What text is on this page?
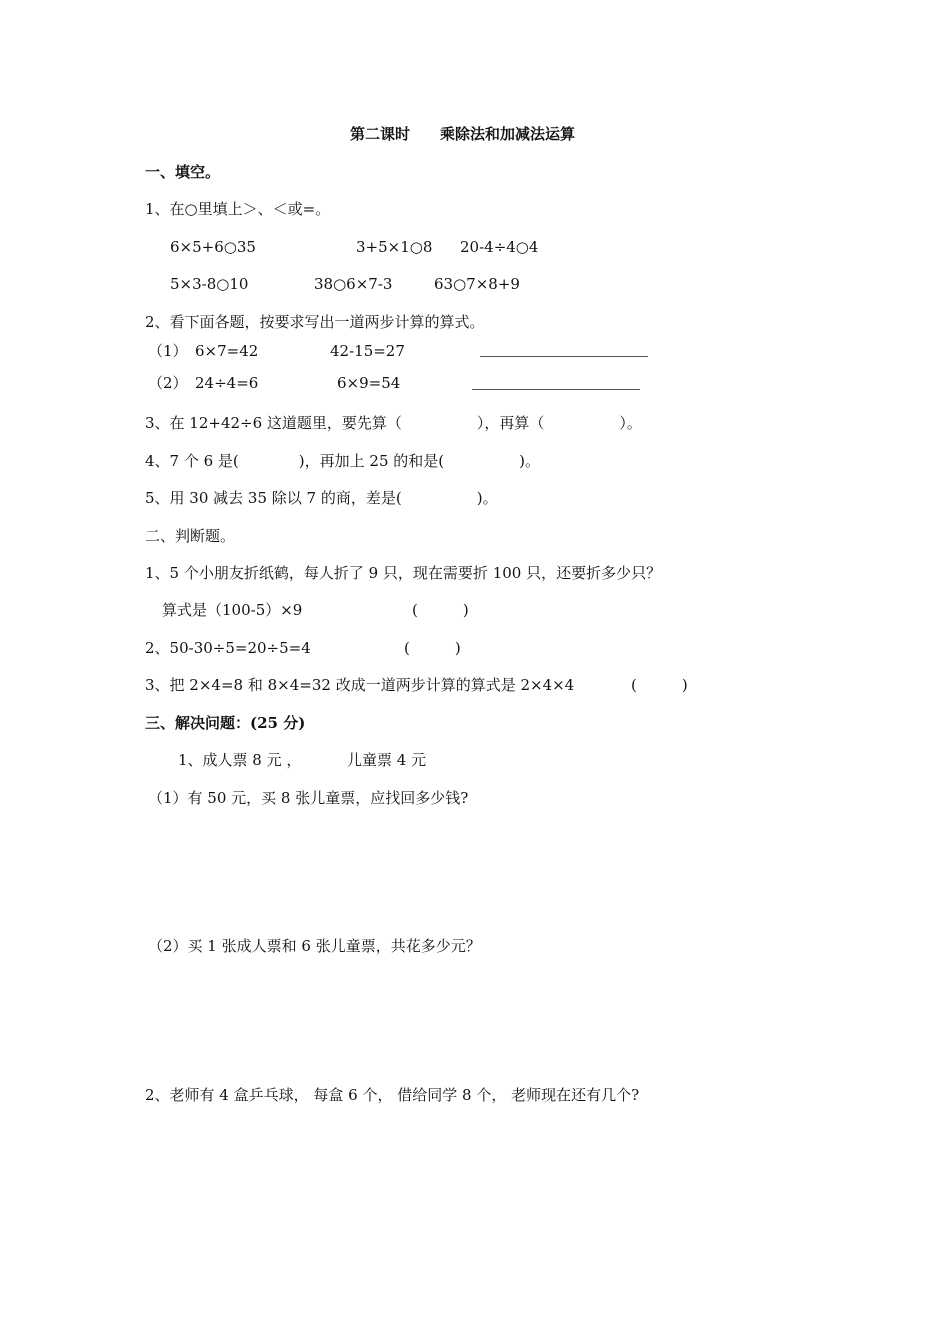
第二课时　　乘除法和加减法运算
一、填空。
1、在○里填上＞、＜或=。
6×5+6○35	3+5×1○8 20-4÷4○4
5×3-8○10	38○6×7-3	63○7×8+9
2、看下面各题，按要求写出一道两步计算的算式。
（1） 6×7=42	42-15=27
（2） 24÷4=6	6×9=54
3、在 12+42÷6 这道题里，要先算（　　　　　），再算（　　　　　）。
4、7 个 6 是(　　　　)，再加上 25 的和是(　　　　　)。
5、用 30 减去 35 除以 7 的商，差是(　　　　　)。
二、判断题。
1、5 个小朋友折纸鹤，每人折了 9 只，现在需要折 100 只，还要折多少只？
算式是（100-5）×9	(　　　)
2、50-30÷5=20÷5=4	(　　　)
3、把 2×4=8 和 8×4=32 改成一道两步计算的算式是 2×4×4	(　　　)
三、解决问题：(25 分)
1、成人票 8 元 ，	儿童票 4 元
（1）有 50 元，买 8 张儿童票，应找回多少钱?
（2）买 1 张成人票和 6 张儿童票，共花多少元？
2、老师有 4 盒乒乓球， 每盒 6 个， 借给同学 8 个， 老师现在还有几个?
